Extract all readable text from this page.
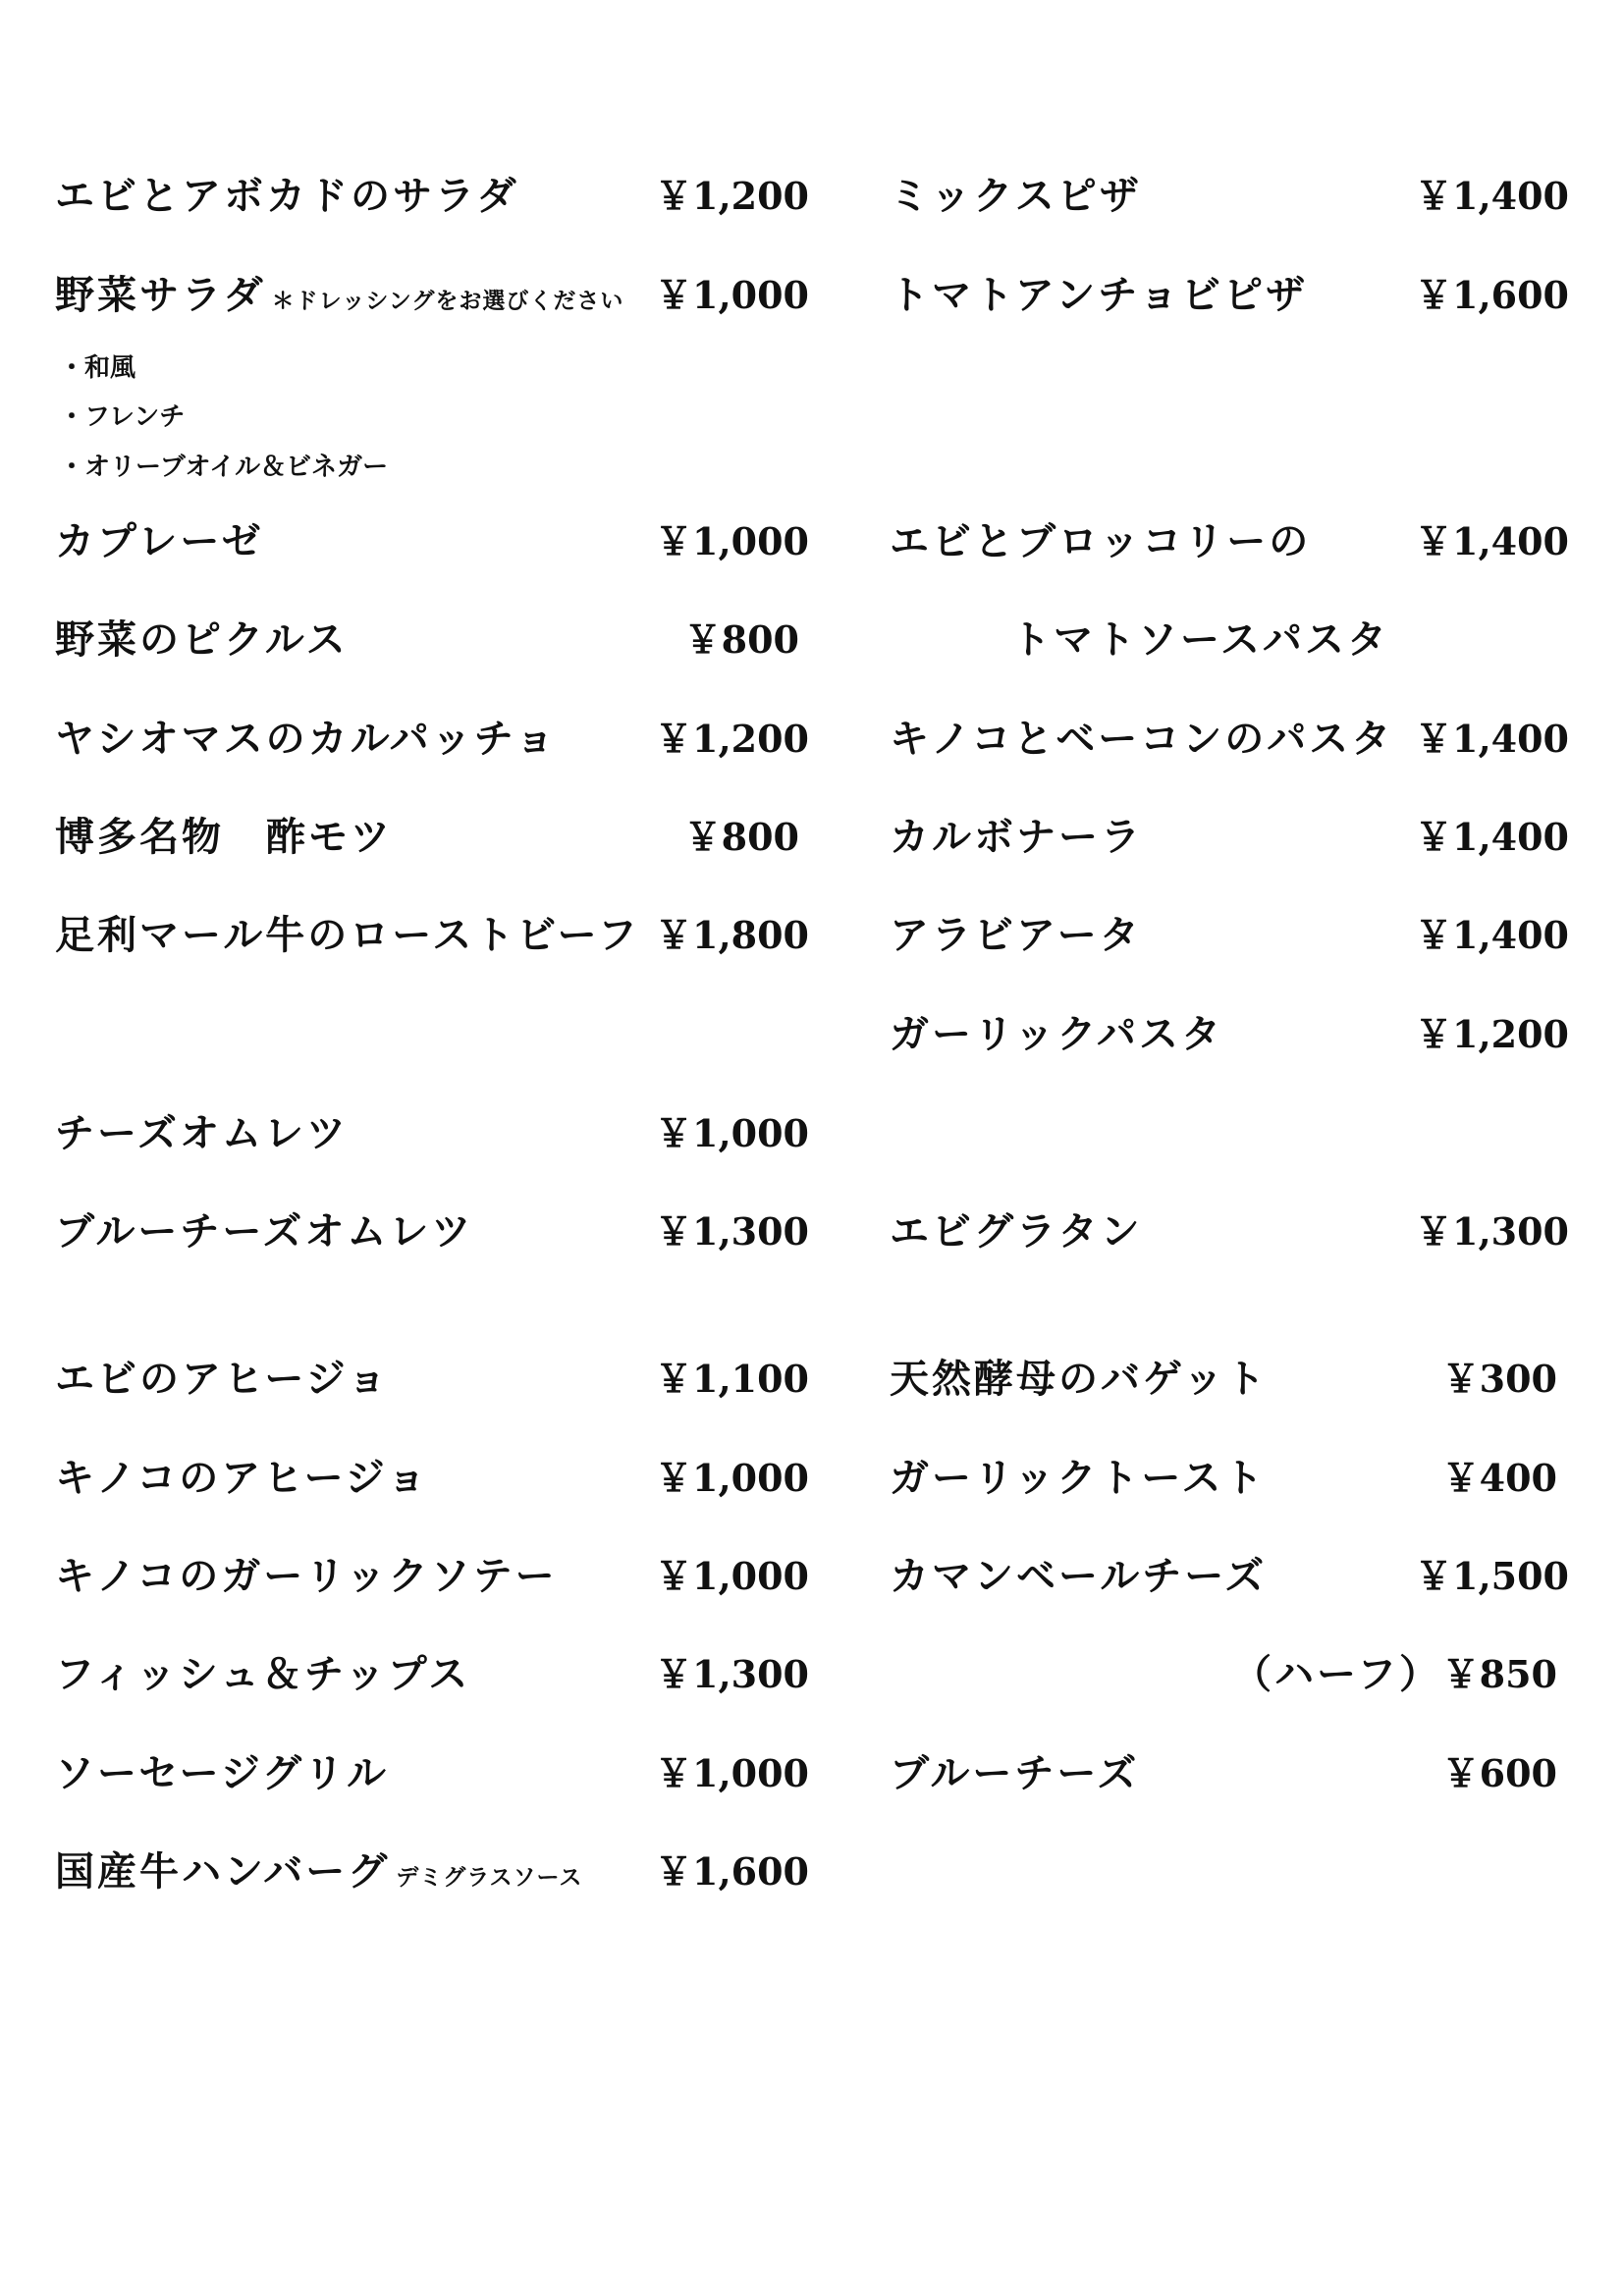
エビとアボカドのサラダ	￥1,200
野菜サラダ ＊ドレッシングをお選びください ￥1,000
・和風
・フレンチ
・オリーブオイル＆ビネガー
カプレーゼ	￥1,000
野菜のピクルス	￥800
ヤシオマスのカルパッチョ	￥1,200
博多名物　酢モツ	￥800
足利マール牛のローストビーフ ￥1,800
チーズオムレツ	￥1,000
ブルーチーズオムレツ	￥1,300
エビのアヒージョ	￥1,100
キノコのアヒージョ	￥1,000
キノコのガーリックソテー	￥1,000
フィッシュ＆チップス	￥1,300
ソーセージグリル	￥1,000
国産牛ハンバーグ デミグラスソース ￥1,600
ミックスピザ	￥1,400
トマトアンチョビピザ	￥1,600
エビとブロッコリーの	￥1,400
トマトソースパスタ
キノコとベーコンのパスタ ￥1,400
カルボナーラ	￥1,400
アラビアータ	￥1,400
ガーリックパスタ	￥1,200
エビグラタン	￥1,300
天然酵母のバゲット	￥300
ガーリックトースト	￥400
カマンベールチーズ	￥1,500
（ハーフ） ￥850
ブルーチーズ	￥600
